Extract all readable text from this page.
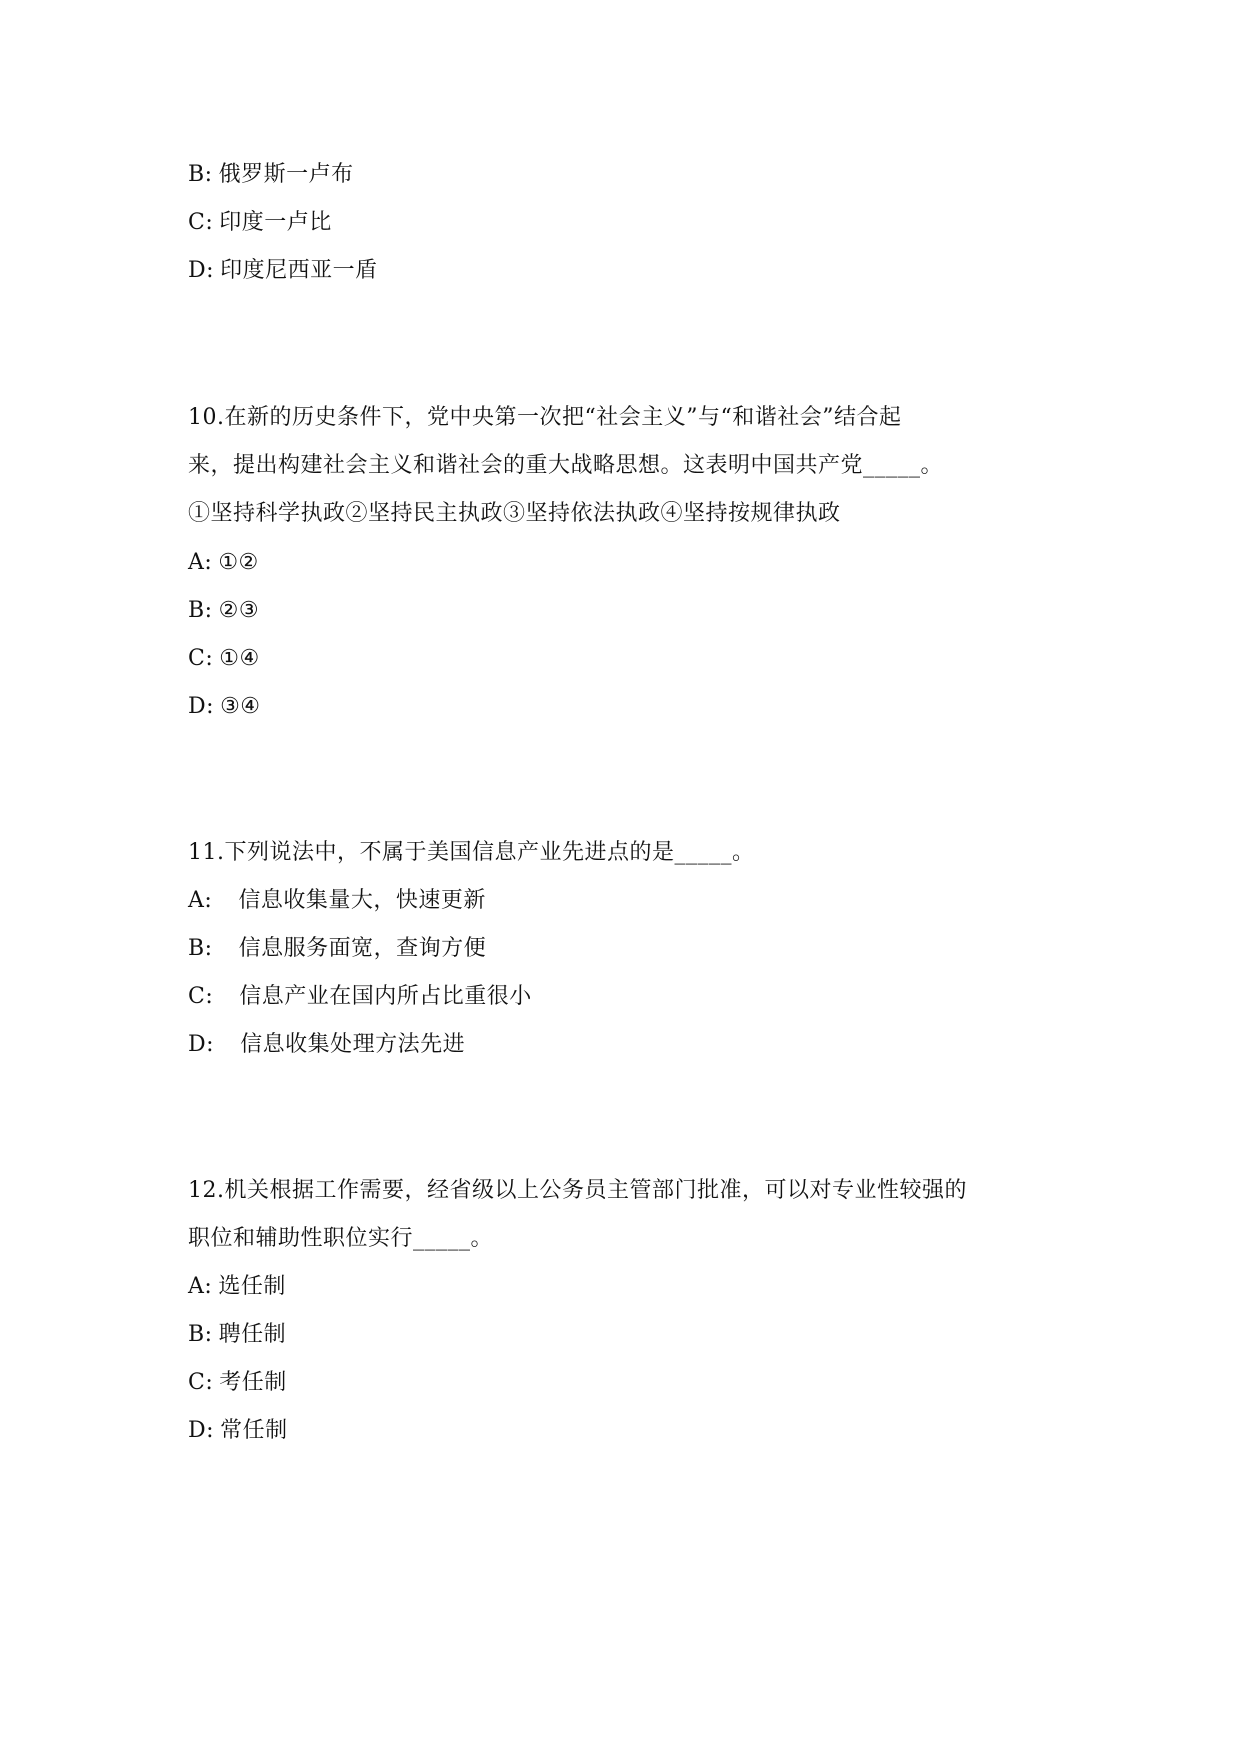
B: 俄罗斯一卢布
C: 印度一卢比
D: 印度尼西亚一盾
10.在新的历史条件下，党中央第一次把“社会主义”与“和谐社会”结合起
来，提出构建社会主义和谐社会的重大战略思想。这表明中国共产党_____。
①坚持科学执政②坚持民主执政③坚持依法执政④坚持按规律执政
A: ①②
B: ②③
C: ①④
D: ③④
11.下列说法中，不属于美国信息产业先进点的是_____。
A: 信息收集量大，快速更新
B: 信息服务面宽，查询方便
C: 信息产业在国内所占比重很小
D: 信息收集处理方法先进
12.机关根据工作需要，经省级以上公务员主管部门批准，可以对专业性较强的
职位和辅助性职位实行_____。
A: 选任制
B: 聘任制
C: 考任制
D: 常任制
